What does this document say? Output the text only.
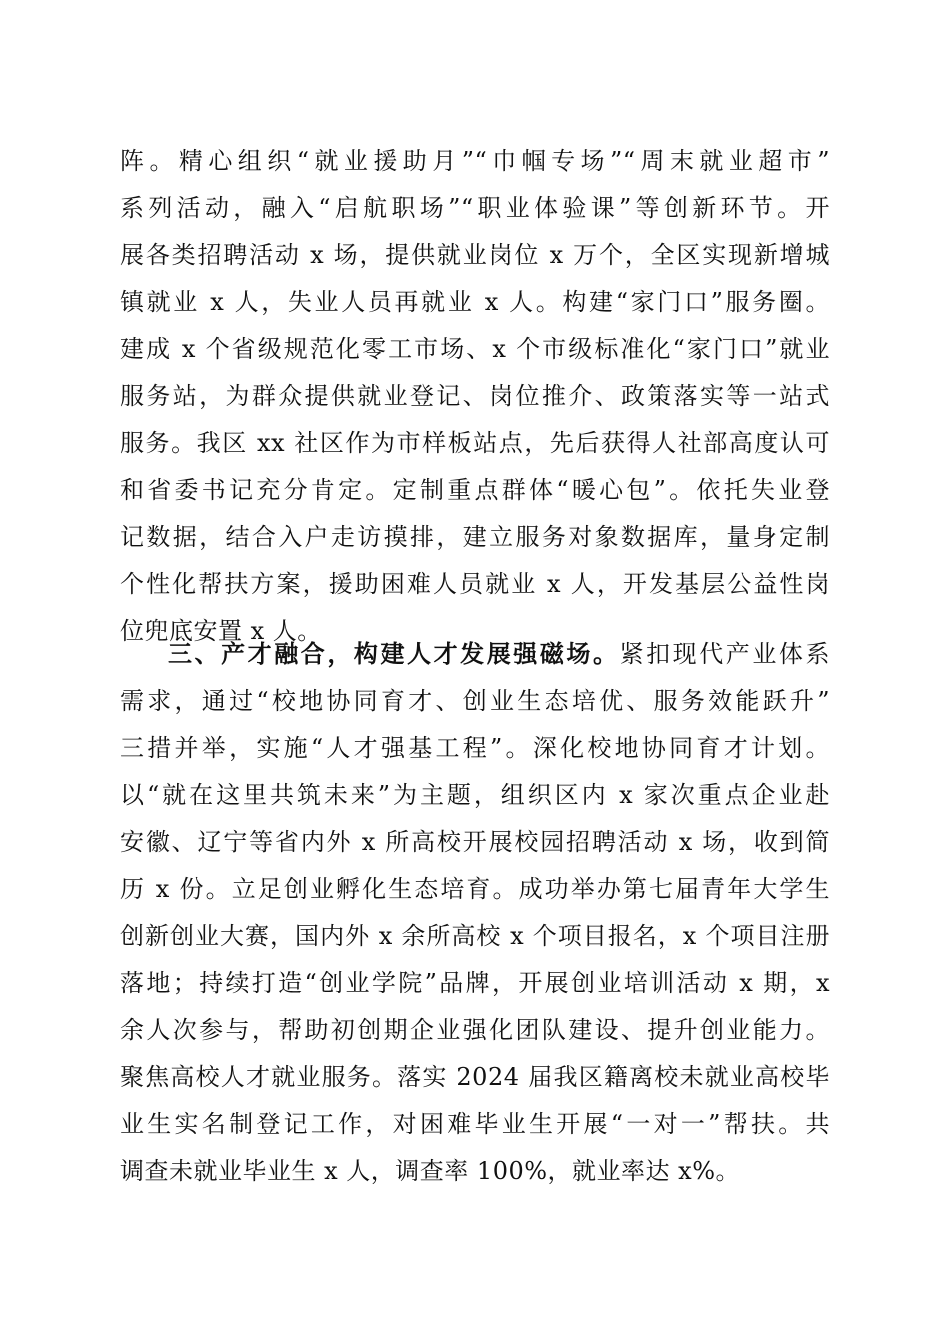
阵。精心组织“就业援助月”“巾帼专场”“周末就业超市”
系列活动，融入“启航职场”“职业体验课”等创新环节。开
展各类招聘活动 x 场，提供就业岗位 x 万个，全区实现新增城
镇就业 x 人，失业人员再就业 x 人。构建“家门口”服务圈。
建成 x 个省级规范化零工市场、x 个市级标准化“家门口”就业
服务站，为群众提供就业登记、岗位推介、政策落实等一站式
服务。我区 xx 社区作为市样板站点，先后获得人社部高度认可
和省委书记充分肯定。定制重点群体“暖心包”。依托失业登
记数据，结合入户走访摸排，建立服务对象数据库，量身定制
个性化帮扶方案，援助困难人员就业 x 人，开发基层公益性岗
位兜底安置 x 人。
三、产才融合，构建人才发展强磁场。紧扣现代产业体系
需求，通过“校地协同育才、创业生态培优、服务效能跃升”
三措并举，实施“人才强基工程”。深化校地协同育才计划。
以“就在这里共筑未来”为主题，组织区内 x 家次重点企业赴
安徽、辽宁等省内外 x 所高校开展校园招聘活动 x 场，收到简
历 x 份。立足创业孵化生态培育。成功举办第七届青年大学生
创新创业大赛，国内外 x 余所高校 x 个项目报名，x 个项目注册
落地；持续打造“创业学院”品牌，开展创业培训活动 x 期，x
余人次参与，帮助初创期企业强化团队建设、提升创业能力。
聚焦高校人才就业服务。落实 2024 届我区籍离校未就业高校毕
业生实名制登记工作，对困难毕业生开展“一对一”帮扶。共
调查未就业毕业生 x 人，调查率 100%，就业率达 x%。
